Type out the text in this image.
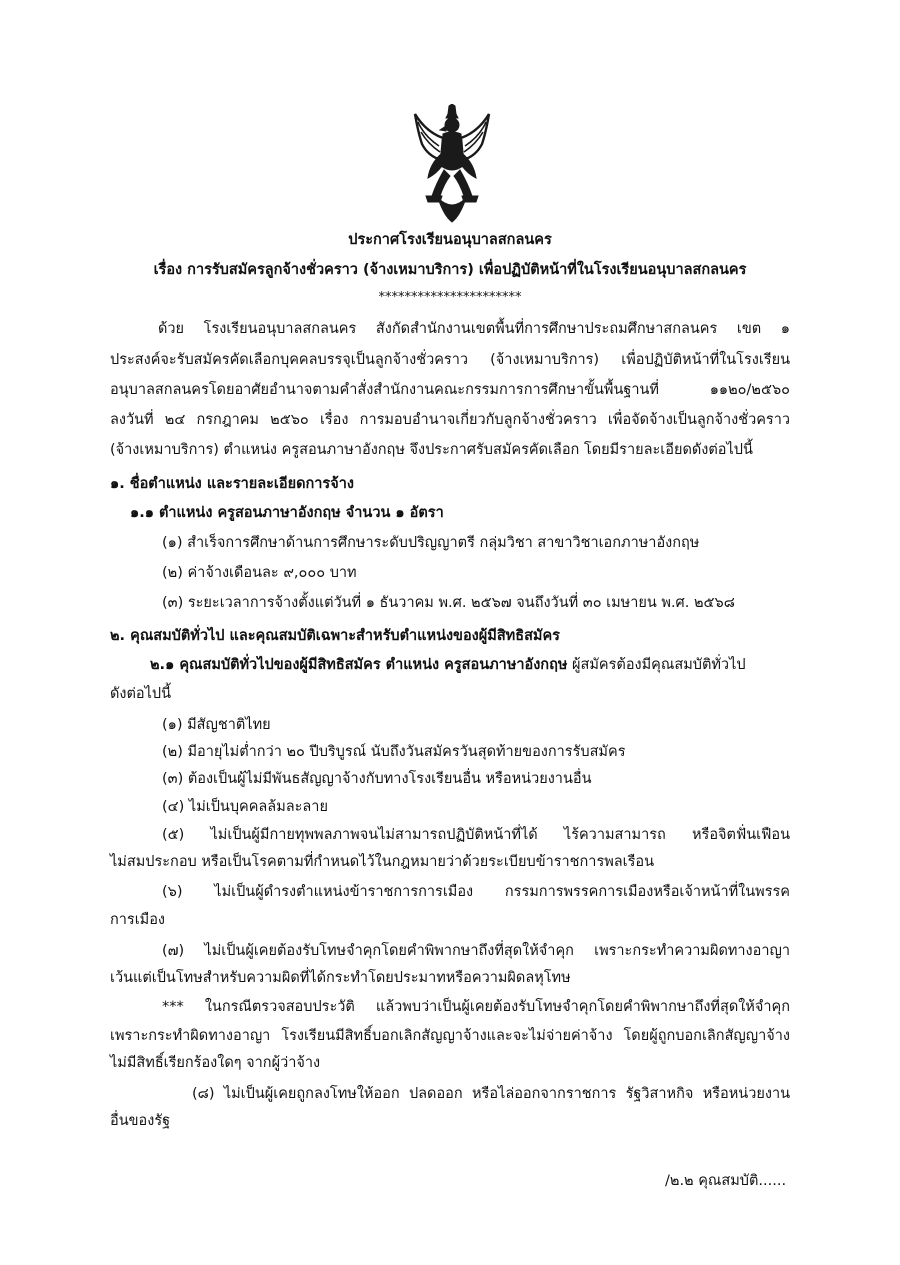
ประกาศโรงเรียนอนุบาลสกลนคร
เรื่อง การรับสมัครลูกจ้างชั่วคราว (จ้างเหมาบริการ) เพื่อปฏิบัติหน้าที่ในโรงเรียนอนุบาลสกลนคร
**********************
ด้วย โรงเรียนอนุบาลสกลนคร สังกัดสำนักงานเขตพื้นที่การศึกษาประถมศึกษาสกลนคร เขต ๑
ประสงค์จะรับสมัครคัดเลือกบุคคลบรรจุเป็นลูกจ้างชั่วคราว (จ้างเหมาบริการ) เพื่อปฏิบัติหน้าที่ในโรงเรียน
อนุบาลสกลนครโดยอาศัยอำนาจตามคำสั่งสำนักงานคณะกรรมการการศึกษาขั้นพื้นฐานที่ ๑๑๒๐/๒๕๖๐
ลงวันที่ ๒๔ กรกฎาคม ๒๕๖๐ เรื่อง การมอบอำนาจเกี่ยวกับลูกจ้างชั่วคราว เพื่อจัดจ้างเป็นลูกจ้างชั่วคราว
(จ้างเหมาบริการ) ตำแหน่ง ครูสอนภาษาอังกฤษ จึงประกาศรับสมัครคัดเลือก โดยมีรายละเอียดดังต่อไปนี้
๑. ชื่อตำแหน่ง และรายละเอียดการจ้าง
๑.๑ ตำแหน่ง ครูสอนภาษาอังกฤษ จำนวน ๑ อัตรา
(๑) สำเร็จการศึกษาด้านการศึกษาระดับปริญญาตรี กลุ่มวิชา สาขาวิชาเอกภาษาอังกฤษ
(๒) ค่าจ้างเดือนละ ๙,๐๐๐ บาท
(๓) ระยะเวลาการจ้างตั้งแต่วันที่ ๑ ธันวาคม พ.ศ. ๒๕๖๗ จนถึงวันที่ ๓๐ เมษายน พ.ศ. ๒๕๖๘
๒. คุณสมบัติทั่วไป และคุณสมบัติเฉพาะสำหรับตำแหน่งของผู้มีสิทธิสมัคร
๒.๑ คุณสมบัติทั่วไปของผู้มีสิทธิสมัคร ตำแหน่ง ครูสอนภาษาอังกฤษ ผู้สมัครต้องมีคุณสมบัติทั่วไป
ดังต่อไปนี้
(๑) มีสัญชาติไทย
(๒) มีอายุไม่ต่ำกว่า ๒๐ ปีบริบูรณ์ นับถึงวันสมัครวันสุดท้ายของการรับสมัคร
(๓) ต้องเป็นผู้ไม่มีพันธสัญญาจ้างกับทางโรงเรียนอื่น หรือหน่วยงานอื่น
(๔) ไม่เป็นบุคคลล้มละลาย
(๕) ไม่เป็นผู้มีกายทุพพลภาพจนไม่สามารถปฏิบัติหน้าที่ได้ ไร้ความสามารถ หรือจิตฟั่นเฟือน
ไม่สมประกอบ หรือเป็นโรคตามที่กำหนดไว้ในกฎหมายว่าด้วยระเบียบข้าราชการพลเรือน
(๖) ไม่เป็นผู้ดำรงตำแหน่งข้าราชการการเมือง กรรมการพรรคการเมืองหรือเจ้าหน้าที่ในพรรค
การเมือง
(๗) ไม่เป็นผู้เคยต้องรับโทษจำคุกโดยคำพิพากษาถึงที่สุดให้จำคุก เพราะกระทำความผิดทางอาญา
เว้นแต่เป็นโทษสำหรับความผิดที่ได้กระทำโดยประมาทหรือความผิดลหุโทษ
*** ในกรณีตรวจสอบประวัติ แล้วพบว่าเป็นผู้เคยต้องรับโทษจำคุกโดยคำพิพากษาถึงที่สุดให้จำคุก
เพราะกระทำผิดทางอาญา โรงเรียนมีสิทธิ์บอกเลิกสัญญาจ้างและจะไม่จ่ายค่าจ้าง โดยผู้ถูกบอกเลิกสัญญาจ้าง
ไม่มีสิทธิ์เรียกร้องใดๆ จากผู้ว่าจ้าง
(๘) ไม่เป็นผู้เคยถูกลงโทษให้ออก ปลดออก หรือไล่ออกจากราชการ รัฐวิสาหกิจ หรือหน่วยงาน
อื่นของรัฐ
/๒.๒ คุณสมบัติ......
